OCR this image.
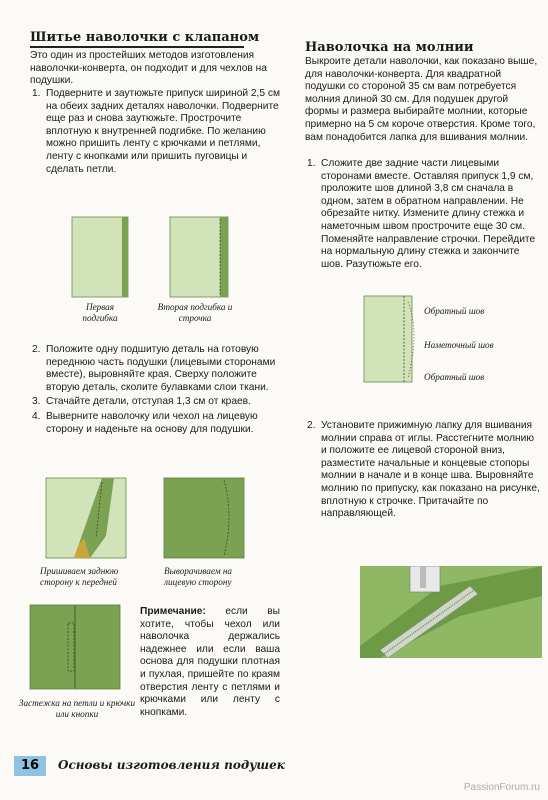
Шитье наволочки с клапаном

Это один из простейших методов изготовления наволочки-конверта, он подходит и для чехлов на подушки.

1. Подверните и заутюжьте припуск шириной 2,5 см на обеих задних деталях наволочки. Подверните еще раз и снова заутюжьте. Прострочите вплотную к внутренней подгибке. По желанию можно пришить ленту с крючками и петлями, ленту с кнопками или пришить пуговицы и сделать петли.

Первая подгибка
Вторая подгибка и строчка

2. Положите одну подшитую деталь на готовую переднюю часть подушки (лицевыми сторонами вместе), выровняйте края. Сверху положите вторую деталь, сколите булавками слои ткани.

3. Стачайте детали, отступая 1,3 см от краев.

4. Выверните наволочку или чехол на лицевую сторону и наденьте на основу для подушки.

Пришиваем заднюю сторону к передней
Выворачиваем на лицевую сторону
Застежка на петли и крючки или кнопки
Примечание: если вы хотите, чтобы чехол или наволочка держались надежнее или если ваша основа для подушки плотная и пухлая, пришейте по краям отверстия ленту с петлями и крючками или ленту с кнопками.
Наволочка на молнии

Выкроите детали наволочки, как показано выше, для наволочки-конверта. Для квадратной подушки со стороной 35 см вам потребуется молния длиной 30 см. Для подушек другой формы и размера выбирайте молнии, которые примерно на 5 см короче отверстия. Кроме того, вам понадобится лапка для вшивания молнии.

1. Сложите две задние части лицевыми сторонами вместе. Оставляя припуск 1,9 см, проложите шов длиной 3,8 см сначала в одном, затем в обратном направлении. Не обрезайте нитку. Измените длину стежка и наметочным швом прострочите еще 30 см. Поменяйте направление строчки. Перейдите на нормальную длину стежка и закончите шов. Разутюжьте его.

Обратный шов
Наметочный шов
Обратный шов

2. Установите прижимную лапку для вшивания молнии справа от иглы. Расстегните молнию и положите ее лицевой стороной вниз, разместите начальные и концевые стопоры молнии в начале и в конце шва. Выровняйте молнию по припуску, как показано на рисунке, вплотную к строчке. Притачайте по направляющей.

16	Основы изготовления подушек
PassionForum.ru
